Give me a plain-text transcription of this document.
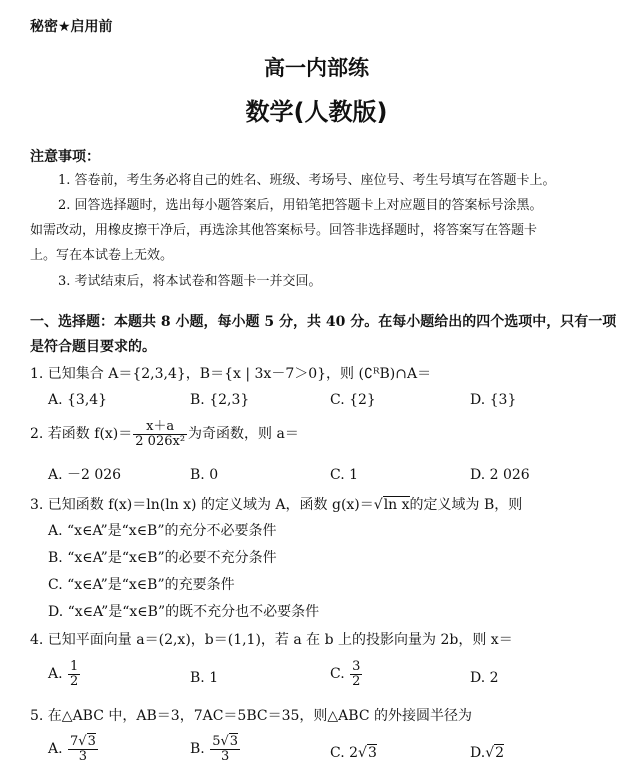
秘密★启用前
高一内部练
数学(人教版)
注意事项：
1. 答卷前，考生务必将自己的姓名、班级、考场号、座位号、考生号填写在答题卡上。
2. 回答选择题时，选出每小题答案后，用铅笔把答题卡上对应题目的答案标号涂黑。
如需改动，用橡皮擦干净后，再选涂其他答案标号。回答非选择题时，将答案写在答题卡
上。写在本试卷上无效。
3. 考试结束后，将本试卷和答题卡一并交回。
一、选择题：本题共 8 小题，每小题 5 分，共 40 分。在每小题给出的四个选项中，只有一项
是符合题目要求的。
1. 已知集合 A＝{2,3,4}，B＝{x | 3x－7＞0}，则 (∁ᴿB)∩A＝
A. {3,4}	B. {2,3}	C. {2}	D. {3}
2. 若函数 $f(x)= \frac{x+a}{\text{2 026x²}}$ 为奇函数，则 a＝
A. －2 026	B. 0	C. 1	D. 2 026
3. 已知函数 f(x)＝ln(ln x) 的定义域为 A，函数 g(x)＝√ln x的定义域为 B，则
A. “x∈A”是“x∈B”的充分不必要条件
B. “x∈A”是“x∈B”的必要不充分条件
C. “x∈A”是“x∈B”的充要条件
D. “x∈A”是“x∈B”的既不充分也不必要条件
4. 已知平面向量 a＝(2,x)，b＝(1,1)，若 a 在 b 上的投影向量为 2b，则 x＝
A. $\frac{1}{2}$	B. 1	C. $\frac{3}{2}$	D. 2
5. 在△ABC 中，AB＝3，7AC＝5BC＝35，则△ABC 的外接圆半径为
A. $\frac{7√3}{3}$	B. $\frac{5√3}{3}$	C. 2√3	D.√2
